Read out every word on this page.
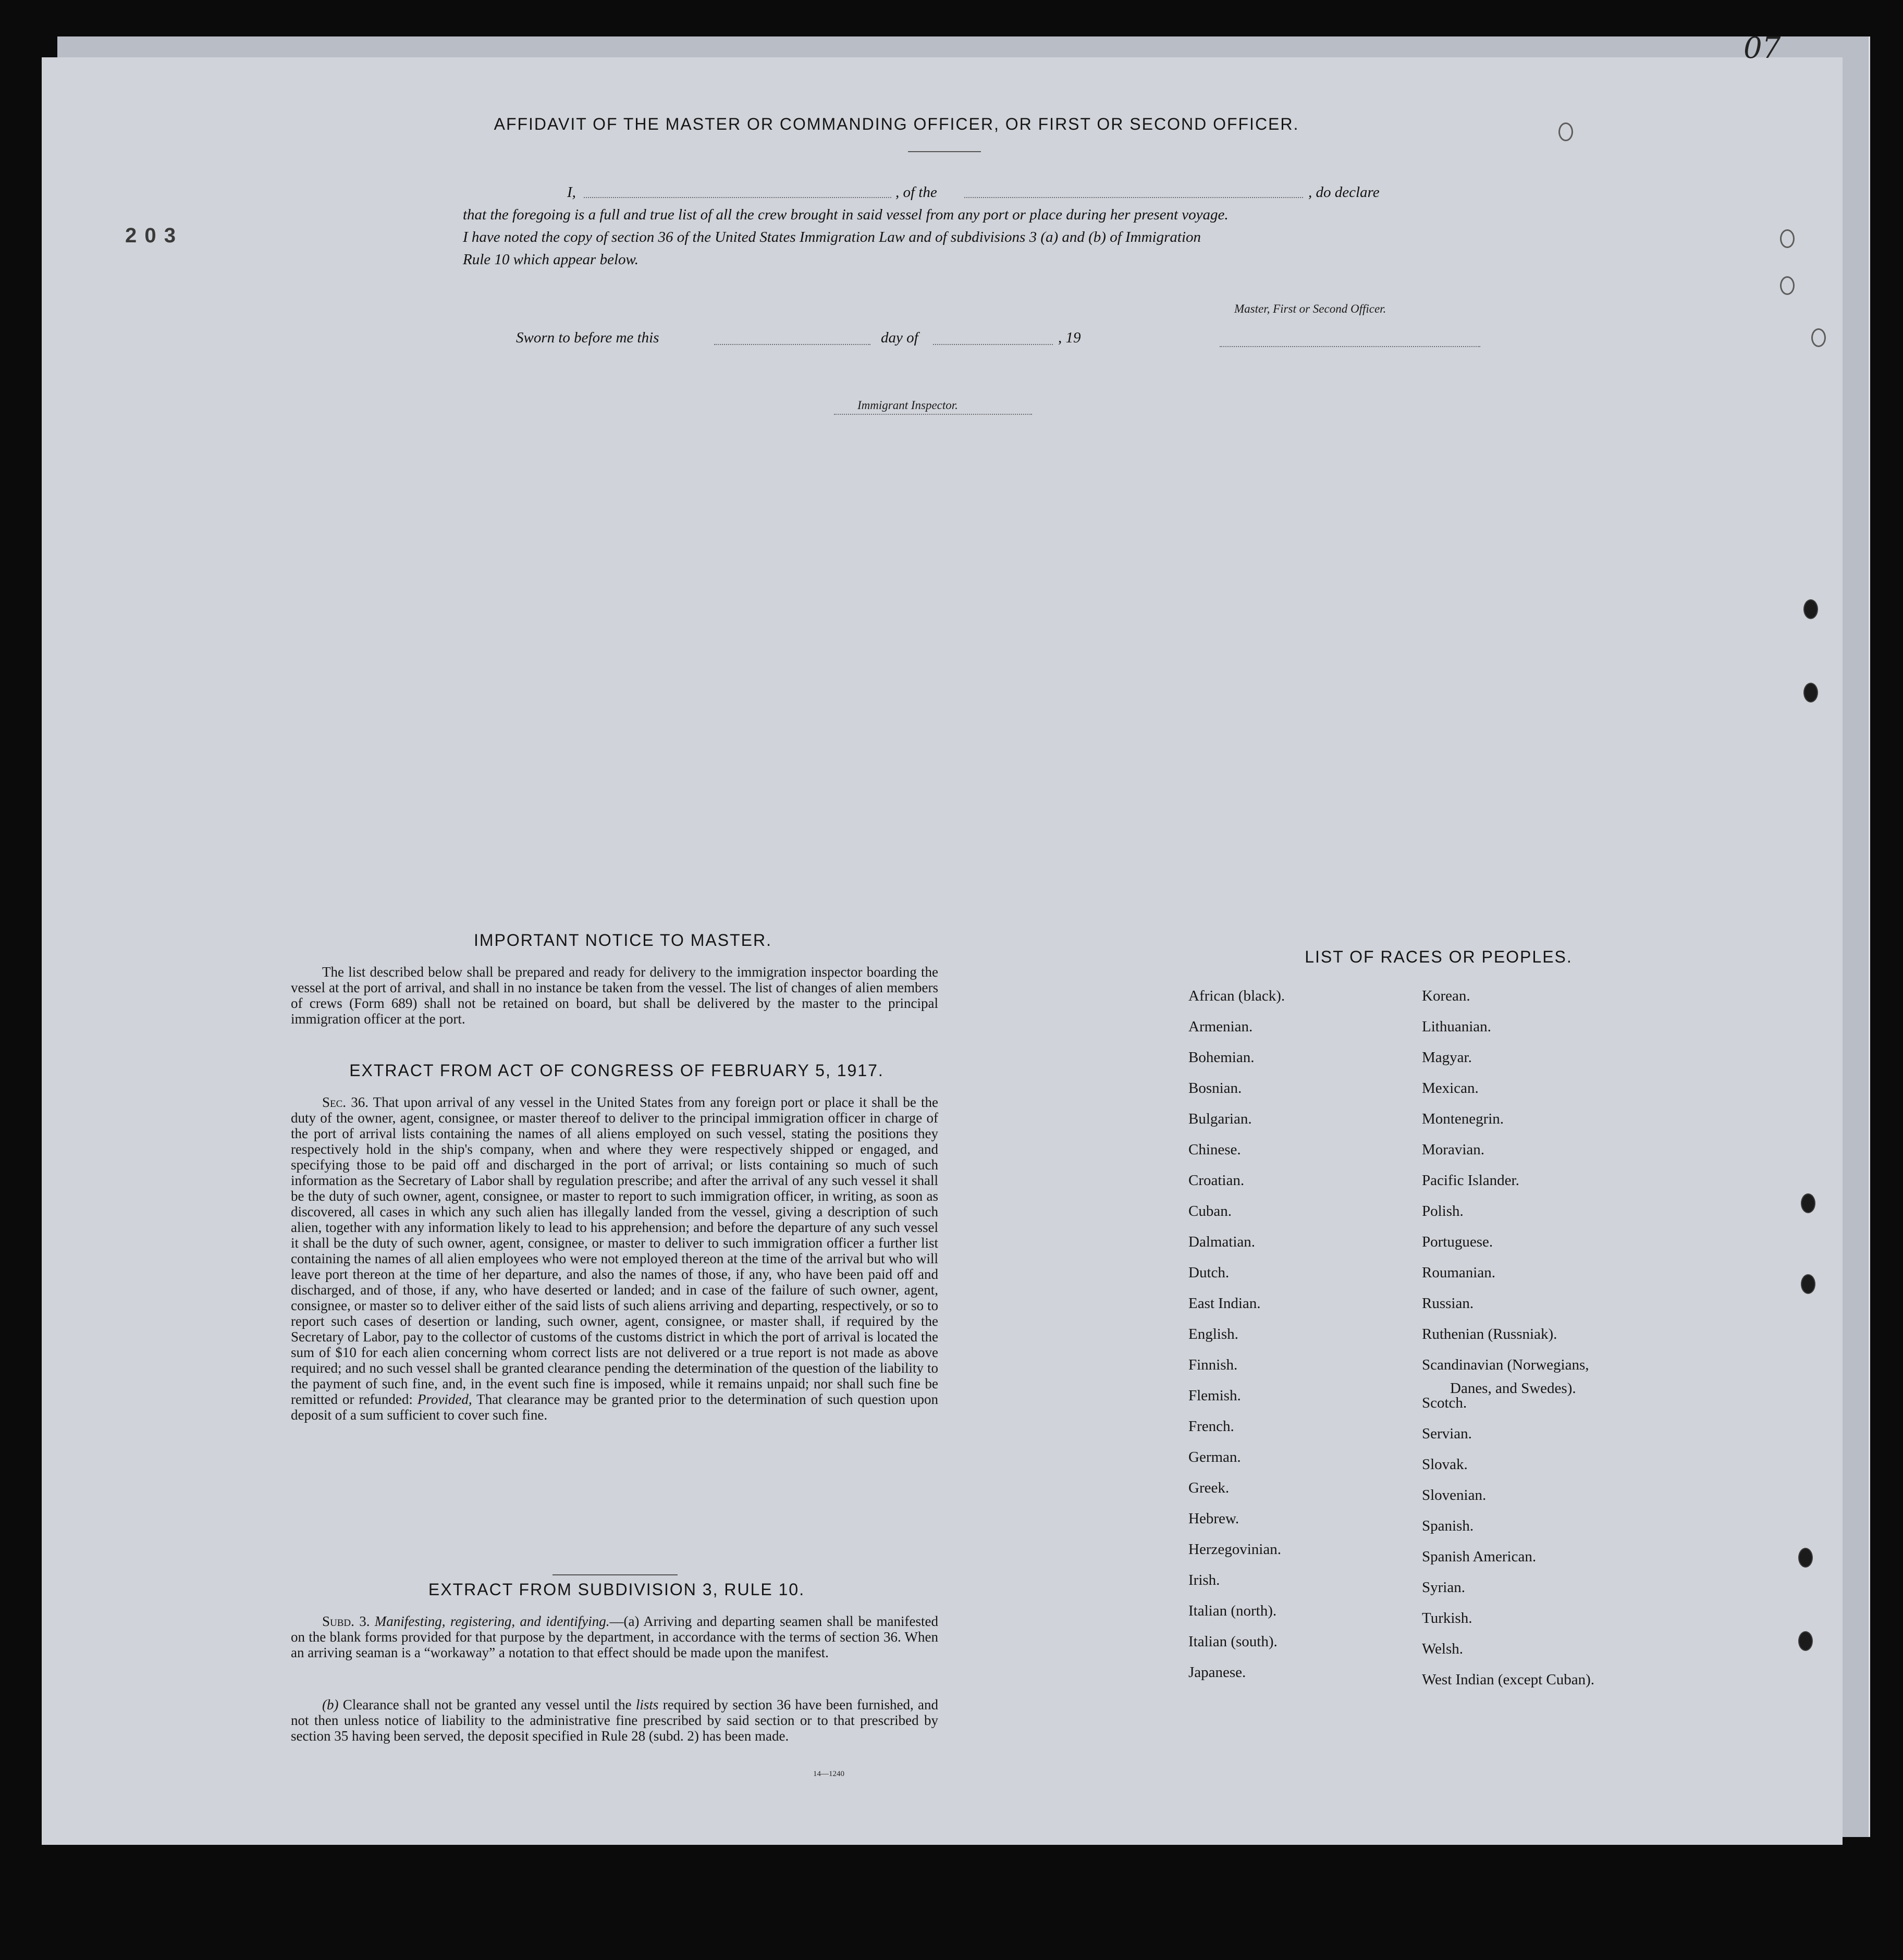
AFFIDAVIT OF THE MASTER OR COMMANDING OFFICER, OR FIRST OR SECOND OFFICER.
I,	, of the	, do declare
that the foregoing is a full and true list of all the crew brought in said vessel from any port or place during her present voyage.
I have noted the copy of section 36 of the United States Immigration Law and of subdivisions 3 (a) and (b) of Immigration
Rule 10 which appear below.
Master, First or Second Officer.
Sworn to before me this	day of	, 19
Immigrant Inspector.
IMPORTANT NOTICE TO MASTER.
The list described below shall be prepared and ready for delivery to the immigration inspector boarding the vessel at the port of arrival, and shall in no instance be taken from the vessel. The list of changes of alien members of crews (Form 689) shall not be retained on board, but shall be delivered by the master to the principal immigration officer at the port.
EXTRACT FROM ACT OF CONGRESS OF FEBRUARY 5, 1917.
Sec. 36. That upon arrival of any vessel in the United States from any foreign port or place it shall be the duty of the owner, agent, consignee, or master thereof to deliver to the principal immigration officer in charge of the port of arrival lists containing the names of all aliens employed on such vessel, stating the positions they respectively hold in the ship's company, when and where they were respectively shipped or engaged, and specifying those to be paid off and discharged in the port of arrival; or lists containing so much of such information as the Secretary of Labor shall by regulation prescribe; and after the arrival of any such vessel it shall be the duty of such owner, agent, consignee, or master to report to such immigration officer, in writing, as soon as discovered, all cases in which any such alien has illegally landed from the vessel, giving a description of such alien, together with any information likely to lead to his apprehension; and before the departure of any such vessel it shall be the duty of such owner, agent, consignee, or master to deliver to such immigration officer a further list containing the names of all alien employees who were not employed thereon at the time of the arrival but who will leave port thereon at the time of her departure, and also the names of those, if any, who have been paid off and discharged, and of those, if any, who have deserted or landed; and in case of the failure of such owner, agent, consignee, or master so to deliver either of the said lists of such aliens arriving and departing, respectively, or so to report such cases of desertion or landing, such owner, agent, consignee, or master shall, if required by the Secretary of Labor, pay to the collector of customs of the customs district in which the port of arrival is located the sum of $10 for each alien concerning whom correct lists are not delivered or a true report is not made as above required; and no such vessel shall be granted clearance pending the determination of the question of the liability to the payment of such fine, and, in the event such fine is imposed, while it remains unpaid; nor shall such fine be remitted or refunded: Provided, That clearance may be granted prior to the determination of such question upon deposit of a sum sufficient to cover such fine.
EXTRACT FROM SUBDIVISION 3, RULE 10.
Subd. 3. Manifesting, registering, and identifying.—(a) Arriving and departing seamen shall be manifested on the blank forms provided for that purpose by the department, in accordance with the terms of section 36. When an arriving seaman is a “workaway” a notation to that effect should be made upon the manifest.
(b) Clearance shall not be granted any vessel until the lists required by section 36 have been furnished, and not then unless notice of liability to the administrative fine prescribed by said section or to that prescribed by section 35 having been served, the deposit specified in Rule 28 (subd. 2) has been made.
14—1240
LIST OF RACES OR PEOPLES.
African (black).
Armenian.
Bohemian.
Bosnian.
Bulgarian.
Chinese.
Croatian.
Cuban.
Dalmatian.
Dutch.
East Indian.
English.
Finnish.
Flemish.
French.
German.
Greek.
Hebrew.
Herzegovinian.
Irish.
Italian (north).
Italian (south).
Japanese.
Korean.
Lithuanian.
Magyar.
Mexican.
Montenegrin.
Moravian.
Pacific Islander.
Polish.
Portuguese.
Roumanian.
Russian.
Ruthenian (Russniak).
Scandinavian (Norwegians,
Danes, and Swedes).
Scotch.
Servian.
Slovak.
Slovenian.
Spanish.
Spanish American.
Syrian.
Turkish.
Welsh.
West Indian (except Cuban).
07
2 0 3
